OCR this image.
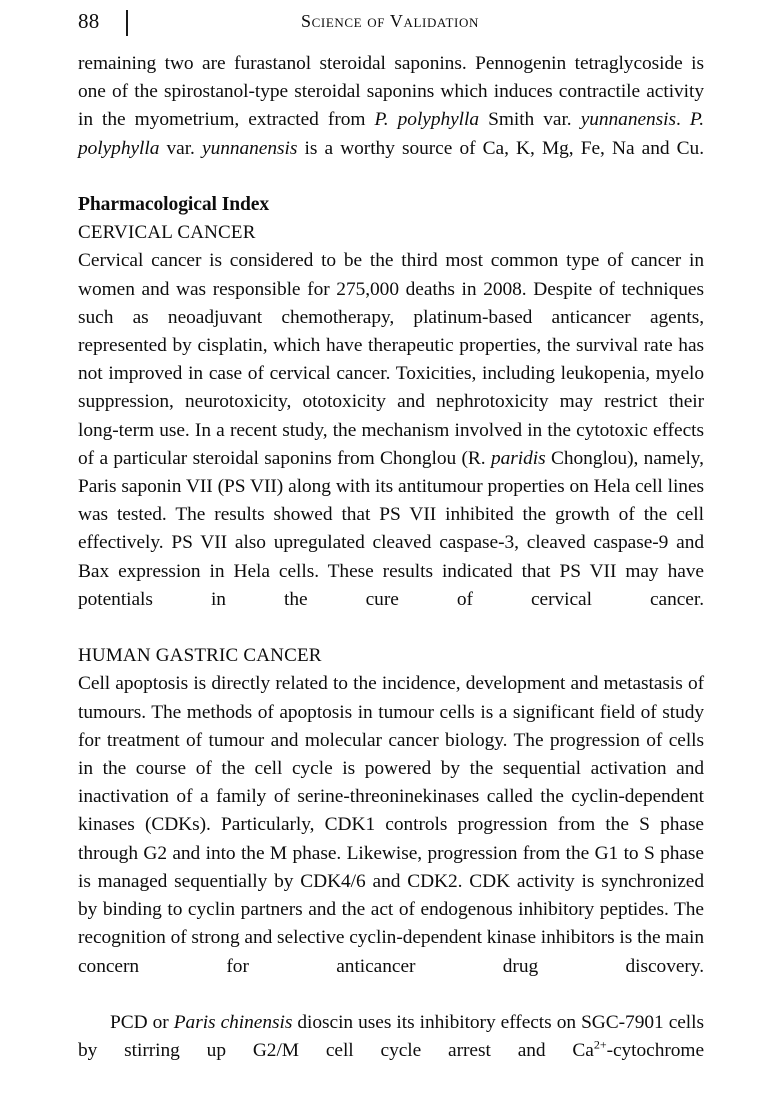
88	Science of Validation

remaining two are furastanol steroidal saponins. Pennogenin tetraglycoside is one of the spirostanol-type steroidal saponins which induces contractile activity in the myometrium, extracted from P. polyphylla Smith var. yunnanensis. P. polyphylla var. yunnanensis is a worthy source of Ca, K, Mg, Fe, Na and Cu.

Pharmacological Index
CERVICAL CANCER

Cervical cancer is considered to be the third most common type of cancer in women and was responsible for 275,000 deaths in 2008. Despite of techniques such as neoadjuvant chemotherapy, platinum-based anticancer agents, represented by cisplatin, which have therapeutic properties, the survival rate has not improved in case of cervical cancer. Toxicities, including leukopenia, myelo suppression, neurotoxicity, ototoxicity and nephrotoxicity may restrict their long-term use. In a recent study, the mechanism involved in the cytotoxic effects of a particular steroidal saponins from Chonglou (R. paridis Chonglou), namely, Paris saponin VII (PS VII) along with its antitumour properties on Hela cell lines was tested. The results showed that PS VII inhibited the growth of the cell effectively. PS VII also upregulated cleaved caspase-3, cleaved caspase-9 and Bax expression in Hela cells. These results indicated that PS VII may have potentials in the cure of cervical cancer.

HUMAN GASTRIC CANCER

Cell apoptosis is directly related to the incidence, development and metastasis of tumours. The methods of apoptosis in tumour cells is a significant field of study for treatment of tumour and molecular cancer biology. The progression of cells in the course of the cell cycle is powered by the sequential activation and inactivation of a family of serine-threoninekinases called the cyclin-dependent kinases (CDKs). Particularly, CDK1 controls progression from the S phase through G2 and into the M phase. Likewise, progression from the G1 to S phase is managed sequentially by CDK4/6 and CDK2. CDK activity is synchronized by binding to cyclin partners and the act of endogenous inhibitory peptides. The recognition of strong and selective cyclin-dependent kinase inhibitors is the main concern for anticancer drug discovery.

PCD or Paris chinensis dioscin uses its inhibitory effects on SGC-7901 cells by stirring up G2/M cell cycle arrest and $Ca^{2+}$-cytochrome
